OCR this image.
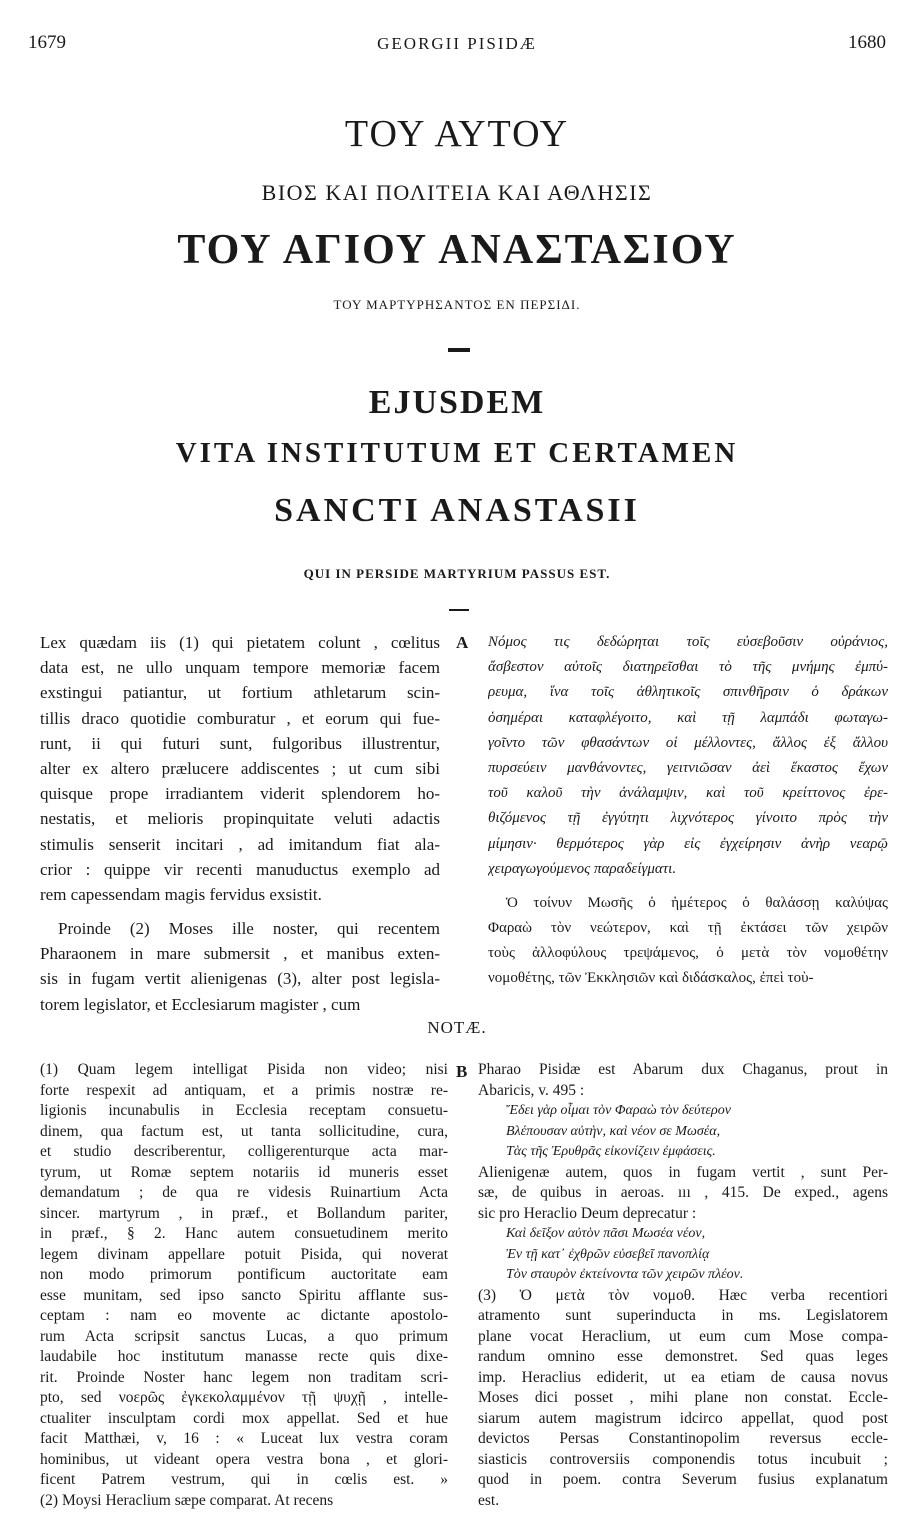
1679	GEORGII PISIDÆ	1680
ΤΟΥ ΑΥΤΟΥ
ΒΙΟΣ ΚΑΙ ΠΟΛΙΤΕΙΑ ΚΑΙ ΑΘΛΗΣΙΣ
ΤΟΥ ΑΓΙΟΥ ΑΝΑΣΤΑΣΙΟΥ
ΤΟΥ ΜΑΡΤΥΡΗΣΑΝΤΟΣ ΕΝ ΠΕΡΣΙΔΙ.
EJUSDEM
VITA INSTITUTUM ET CERTAMEN
SANCTI ANASTASII
QUI IN PERSIDE MARTYRIUM PASSUS EST.
A
B
Lex quædam iis (1) qui pietatem colunt , cœlitus
data est, ne ullo unquam tempore memoriæ facem
exstingui patiantur, ut fortium athletarum scin-
tillis draco quotidie comburatur , et eorum qui fue-
runt, ii qui futuri sunt, fulgoribus illustrentur,
alter ex altero prælucere addiscentes ; ut cum sibi
quisque prope irradiantem viderit splendorem ho-
nestatis, et melioris propinquitate veluti adactis
stimulis senserit incitari , ad imitandum fiat ala-
crior : quippe vir recenti manuductus exemplo ad
rem capessendam magis fervidus exsistit.
Proinde (2) Moses ille noster, qui recentem
Pharaonem in mare submersit , et manibus exten-
sis in fugam vertit alienigenas (3), alter post legisla-
torem legislator, et Ecclesiarum magister , cum
Νόμος τις δεδώρηται τοῖς εὐσεβοῦσιν οὐράνιος,
ἄσβεστον αὐτοῖς διατηρεῖσθαι τὸ τῆς μνήμης ἐμπύ-
ρευμα, ἵνα τοῖς ἀθλητικοῖς σπινθῆρσιν ὁ δράκων
ὁσημέραι καταφλέγοιτο, καὶ τῇ λαμπάδι φωταγω-
γοῖντο τῶν φθασάντων οἱ μέλλοντες, ἄλλος ἐξ ἄλλου
πυρσεύειν μανθάνοντες, γειτνιῶσαν ἀεὶ ἕκαστος ἔχων
τοῦ καλοῦ τὴν ἀνάλαμψιν, καὶ τοῦ κρείττονος ἐρε-
θιζόμενος τῇ ἐγγύτητι λιχνότερος γίνοιτο πρὸς τὴν
μίμησιν· θερμότερος γὰρ εἰς ἐγχείρησιν ἀνὴρ νεαρῷ
χειραγωγούμενος παραδείγματι.
Ὁ τοίνυν Μωσῆς ὁ ἡμέτερος ὁ θαλάσσῃ καλύψας
Φαραὼ τὸν νεώτερον, καὶ τῇ ἐκτάσει τῶν χειρῶν
τοὺς ἀλλοφύλους τρεψάμενος, ὁ μετὰ τὸν νομοθέτην
νομοθέτης, τῶν Ἐκκλησιῶν καὶ διδάσκαλος, ἐπεὶ τοὺ-
NOTÆ.
(1) Quam legem intelligat Pisida non video; nisi
forte respexit ad antiquam, et a primis nostræ re-
ligionis incunabulis in Ecclesia receptam consuetu-
dinem, qua factum est, ut tanta sollicitudine, cura,
et studio describerentur, colligerenturque acta mar-
tyrum, ut Romæ septem notariis id muneris esset
demandatum ; de qua re videsis Ruinartium Acta
sincer. martyrum , in præf., et Bollandum pariter,
in præf., § 2. Hanc autem consuetudinem merito
legem divinam appellare potuit Pisida, qui noverat
non modo primorum pontificum auctoritate eam
esse munitam, sed ipso sancto Spiritu afflante sus-
ceptam : nam eo movente ac dictante apostolo-
rum Acta scripsit sanctus Lucas, a quo primum
laudabile hoc institutum manasse recte quis dixe-
rit. Proinde Noster hanc legem non traditam scri-
pto, sed νοερῶς ἐγκεκολαμμένον τῇ ψυχῇ , intelle-
ctualiter insculptam cordi mox appellat. Sed et hue
facit Matthæi, v, 16 : « Luceat lux vestra coram
hominibus, ut videant opera vestra bona , et glori-
ficent Patrem vestrum, qui in cœlis est. »
(2) Moysi Heraclium sæpe comparat. At recens
Pharao Pisidæ est Abarum dux Chaganus, prout in
Abaricis, v. 495 :
Ἔδει γὰρ οἶμαι τὸν Φαραὼ τὸν δεύτερον
Βλέπουσαν αὐτὴν, καὶ νέον σε Μωσέα,
Τὰς τῆς Ἐρυθρᾶς εἰκονίζειν ἐμφάσεις.
Alienigenæ autem, quos in fugam vertit , sunt Per-
sæ, de quibus in aeroas. ııı , 415. De exped., agens
sic pro Heraclio Deum deprecatur :
Καὶ δεῖξον αὐτὸν πᾶσι Μωσέα νέον,
Ἐν τῇ κατ᾿ ἐχθρῶν εὐσεβεῖ πανοπλίᾳ
Τὸν σταυρὸν ἐκτείνοντα τῶν χειρῶν πλέον.
(3) Ὁ μετὰ τὸν νομοθ. Hæc verba recentiori
atramento sunt superinducta in ms. Legislatorem
plane vocat Heraclium, ut eum cum Mose compa-
randum omnino esse demonstret. Sed quas leges
imp. Heraclius ediderit, ut ea etiam de causa novus
Moses dici posset , mihi plane non constat. Eccle-
siarum autem magistrum idcirco appellat, quod post
devictos Persas Constantinopolim reversus eccle-
siasticis controversiis componendis totus incubuit ;
quod in poem. contra Severum fusius explanatum
est.
